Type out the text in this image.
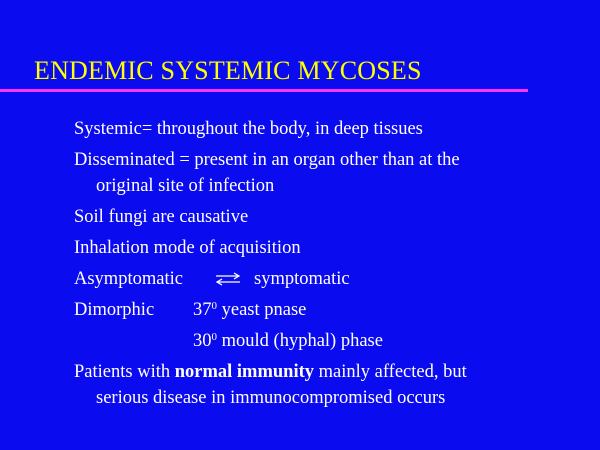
ENDEMIC SYSTEMIC MYCOSES
Systemic= throughout the body, in deep tissues
Disseminated = present in an organ other than at the
original site of infection
Soil fungi are causative
Inhalation mode of acquisition
Asymptomatic ⇌ symptomatic
Dimorphic $37^0$ yeast pnase
$30^0$ mould (hyphal) phase
Patients with normal immunity mainly affected, but
serious disease in immunocompromised occurs
